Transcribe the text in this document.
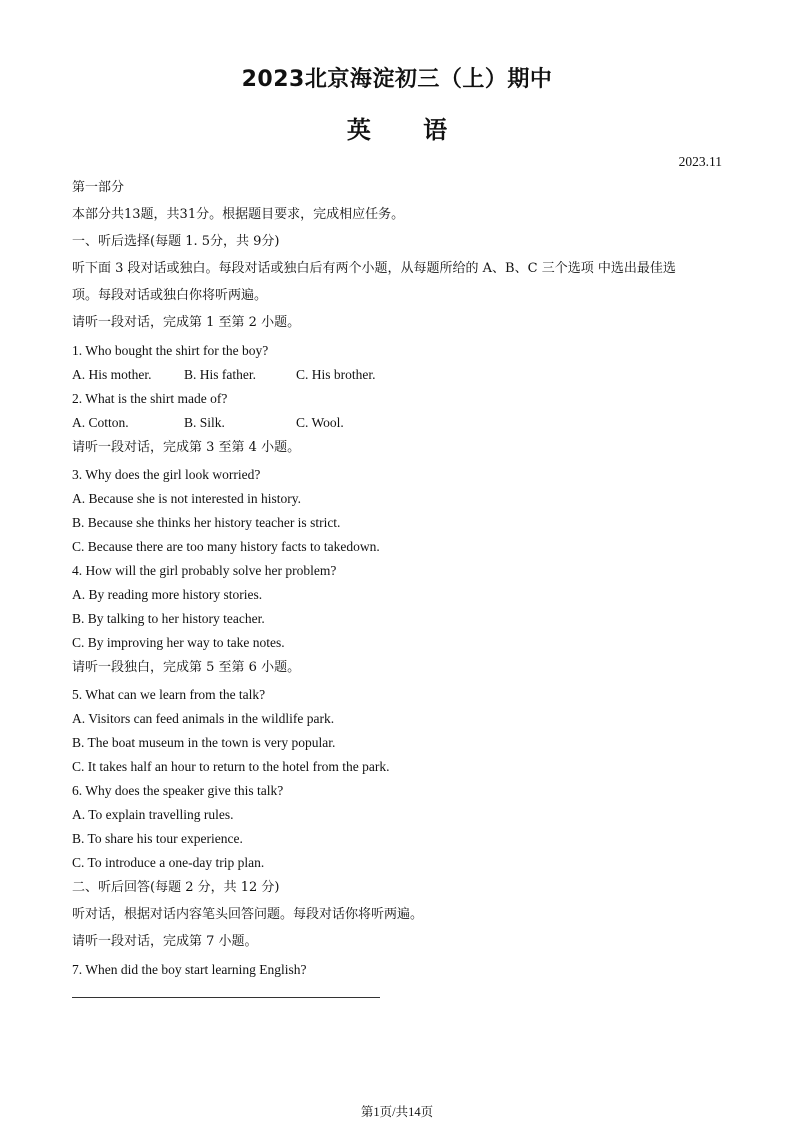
2023北京海淀初三（上）期中
英 语
2023.11
第一部分
本部分共13题，共31分。根据题目要求，完成相应任务。
一、听后选择(每题 1. 5分，共 9分)
听下面 3 段对话或独白。每段对话或独白后有两个小题，从每题所给的 A、B、C 三个选项 中选出最佳选
项。每段对话或独白你将听两遍。
请听一段对话，完成第 1 至第 2 小题。
1. Who bought the shirt for the boy?
A. His mother. B. His father.	C. His brother.
2. What is the shirt made of?
A. Cotton.	B. Silk.	C. Wool.
请听一段对话，完成第 3 至第 4 小题。
3. Why does the girl look worried?
A. Because she is not interested in history.
B. Because she thinks her history teacher is strict.
C. Because there are too many history facts to takedown.
4. How will the girl probably solve her problem?
A. By reading more history stories.
B. By talking to her history teacher.
C. By improving her way to take notes.
请听一段独白，完成第 5 至第 6 小题。
5. What can we learn from the talk?
A. Visitors can feed animals in the wildlife park.
B. The boat museum in the town is very popular.
C. It takes half an hour to return to the hotel from the park.
6. Why does the speaker give this talk?
A. To explain travelling rules.
B. To share his tour experience.
C. To introduce a one-day trip plan.
二、听后回答(每题 2 分，共 12 分)
听对话，根据对话内容笔头回答问题。每段对话你将听两遍。
请听一段对话，完成第 7 小题。
7. When did the boy start learning English?
第1页/共14页
